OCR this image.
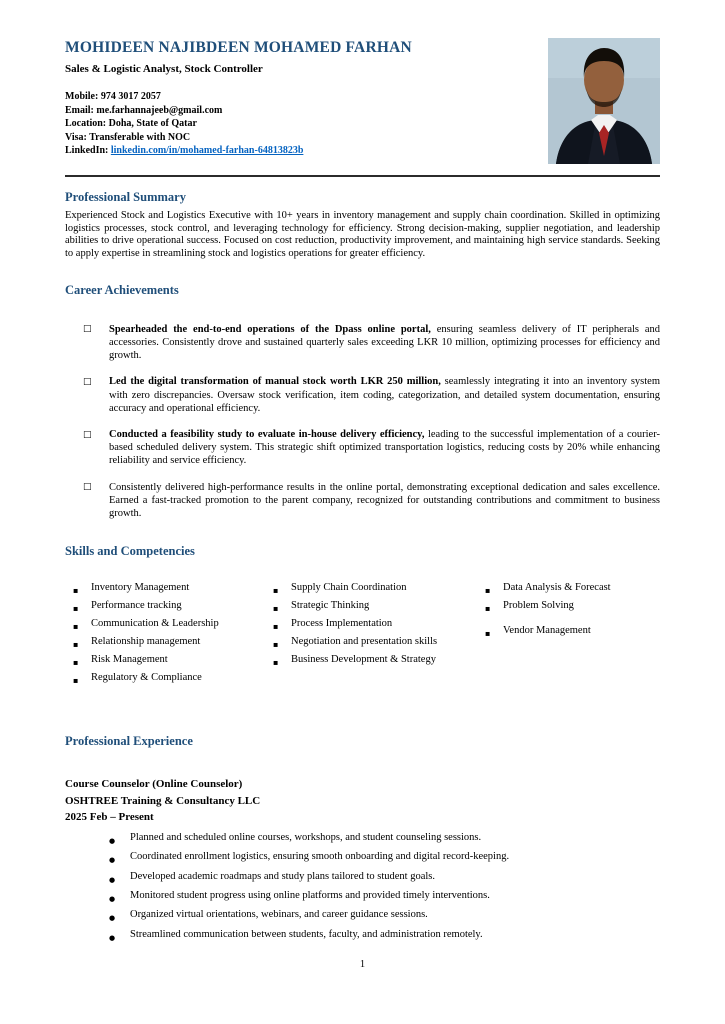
MOHIDEEN NAJIBDEEN MOHAMED FARHAN
Sales & Logistic Analyst, Stock Controller
Mobile: 974 3017 2057
Email: me.farhannajeeb@gmail.com
Location: Doha, State of Qatar
Visa: Transferable with NOC
LinkedIn: linkedin.com/in/mohamed-farhan-64813823b
Professional Summary

Experienced Stock and Logistics Executive with 10+ years in inventory management and supply chain coordination. Skilled in optimizing logistics processes, stock control, and leveraging technology for efficiency. Strong decision-making, supplier negotiation, and leadership abilities to drive operational success. Focused on cost reduction, productivity improvement, and maintaining high service standards. Seeking to apply expertise in streamlining stock and logistics operations for greater efficiency.

Career Achievements
□	Spearheaded the end-to-end operations of the Dpass online portal, ensuring seamless delivery of IT peripherals and accessories. Consistently drove and sustained quarterly sales exceeding LKR 10 million, optimizing processes for efficiency and growth.
□	Led the digital transformation of manual stock worth LKR 250 million, seamlessly integrating it into an inventory system with zero discrepancies. Oversaw stock verification, item coding, categorization, and detailed system documentation, ensuring accuracy and operational efficiency.
□	Conducted a feasibility study to evaluate in-house delivery efficiency, leading to the successful implementation of a courier-based scheduled delivery system. This strategic shift optimized transportation logistics, reducing costs by 20% while enhancing reliability and service efficiency.
□	Consistently delivered high-performance results in the online portal, demonstrating exceptional dedication and sales excellence. Earned a fast-tracked promotion to the parent company, recognized for outstanding contributions and commitment to business growth.
Skills and Competencies
▪	Inventory Management
▪	Performance tracking
▪	Communication & Leadership
▪	Relationship management
▪	Risk Management
▪	Regulatory & Compliance
▪	Supply Chain Coordination
▪	Strategic Thinking
▪	Process Implementation
▪	Negotiation and presentation skills
▪	Business Development & Strategy
▪	Data Analysis & Forecast
▪	Problem Solving
▪	Vendor Management
Professional Experience
Course Counselor (Online Counselor)
OSHTREE Training & Consultancy LLC
2025 Feb – Present
●	Planned and scheduled online courses, workshops, and student counseling sessions.
●	Coordinated enrollment logistics, ensuring smooth onboarding and digital record-keeping.
●	Developed academic roadmaps and study plans tailored to student goals.
●	Monitored student progress using online platforms and provided timely interventions.
●	Organized virtual orientations, webinars, and career guidance sessions.
●	Streamlined communication between students, faculty, and administration remotely.
1
